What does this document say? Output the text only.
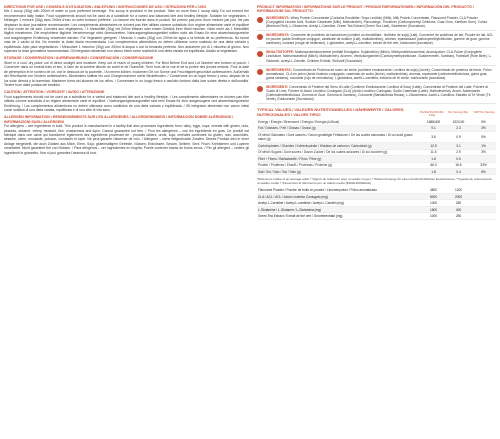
DIRECTIONS FOR USE / CONSEILS D'UTILISATION / ANLEITUNG / INSTRUCCIONES DE USO / ISTRUZIONI PER L'USO
Mix 1 scoop (30g) with 200ml of water or your preferred beverage. The scoop is provided in the product. Take no more than 1 scoop daily. Do not exceed the recommended daily intake. Food supplements should not be used as a substitute for a varied and balanced diet and healthy lifestyle. Suitable for vegetarians. / Mélanger 1 mesure (30g) avec 200ml d'eau ou votre boisson préférée. La mesure est fournie dans le produit. Ne prenez pas plus d'une mesure par jour. Ne pas dépasser la dose journalière recommandée. Les compléments alimentaires ne doivent pas être utilisés comme substituts d'un régime alimentaire varié et équilibré et d'un mode de vie sain. Convient aux végétariens. / 1 Messlöffel (30g) mit 200ml Wasser oder einem Getränk Ihrer Wahl mischen. Nicht mehr als 1 Messlöffel täglich einnehmen. Die empfohlene tägliche Verzehrmenge nicht überschreiten. Nahrungsergänzungsmittel sollten nicht als Ersatz für eine abwechslungsreiche und ausgewogene Ernährung verwendet werden. Für Vegetarier geeignet. / Mezclar 1 cacito (30g) con 200ml de agua o la bebida de su preferencia. No tomar más de 1 cacito al día. No exceder la dosis diaria recomendada. Los complementos alimenticios no deben utilizarse como sustituto de una dieta variada y equilibrada. Apto para vegetarianos. / Mescolare 1 misurino (30g) con 200ml di acqua o con la bevanda preferita. Non assumere più di 1 misurino al giorno. Non superare la dose giornaliera raccomandata. Gli integratori alimentari non vanno intesi come sostituti di una dieta variata ed equilibrata. Adatto ai vegetariani.
STORAGE / CONSERVATION / AUFBEWAHRUNG / CONSERVACIÓN / CONSERVAZIONE
Store in a cool, dry place out of direct sunlight and moisture. Keep out of reach of young children. For Best Before End and Lot Number see bottom of pouch. / Conserver dans un endroit frais et sec, à l'abri de la lumière directe du soleil et de l'humidité. Tenir hors de la vue et de la portée des jeunes enfants. Pour la date de péremption et le numéro de lot, voir le dessous de la pochette. / An einem kühlen, trockenen Ort vor Sonne und Feuchtigkeit geschützt aufbewahren. Außerhalb der Reichweite von Kindern aufbewahren. Mindestens haltbar bis und Chargennummer siehe Beutelboden. / Consérvese en un lugar fresco y seco, alejado de la luz solar directa y la humedad. Mantener fuera del alcance de los niños. / Conservare in un luogo fresco e asciutto lontano dalla luce solare diretta e dall'umidità. Tenere fuori dalla portata dei bambini.
CAUTION / ATTENTION / VORSICHT / AVISO / ATTENZIONE
Food supplements should not be used as a substitute for a varied and balanced diet and a healthy lifestyle. / Les compléments alimentaires ne doivent pas être utilisés comme substituts d'un régime alimentaire varié et équilibré. / Nahrungsergänzungsmittel sind kein Ersatz für eine ausgewogene und abwechslungsreiche Ernährung. / Los complementos alimenticios no deben utilizarse como sustitutos de una dieta variada y equilibrada. / Gli integratori alimentari non vanno intesi come sostituti di una dieta variata, equilibrata e di uno stile di vita sano.
ALLERGEN INFORMATION / RENSEIGNEMENTS SUR LES ALLERGÈNES / ALLERGIEHINWEIS / INFORMACIÓN SOBRE ALÉRGENOS / INFORMAZIONI SUGLI ALLERGENI
For allergens – see ingredients in bold. This product is manufactured in a facility that also processes ingredients from: dairy, eggs, soya, cereals with gluten, nuts, peanuts, sesame, celery, mustard, fish, crustaceans and lupin. Cannot guarantee nut free. / Pour les allergènes – voir les ingrédients en gras. Ce produit est fabriqué dans une usine qui transforme également des ingrédients provenant de : produits laitiers, œufs, soja, céréales contenant du gluten, noix, arachides, sésame, céleri, moutarde, poisson, crustacés et lupin. Ne peut garantir l'absence de noix. / Allergene – siehe fettgedruckte Zutaten. Dieses Produkt wird in einer Anlage hergestellt, die auch Zutaten aus Milch, Eiern, Soja, glutenhaltigem Getreide, Nüssen, Erdnüssen, Sesam, Sellerie, Senf, Fisch, Krebstieren und Lupinen verarbeitet. Nicht garantiert frei von Nüssen. / Para alérgenos – ver ingredientes en negrita. Puede contener trazas de frutos secos. / Per gli allergeni – vedere gli ingredienti in grassetto. Non si può garantire l'assenza di noci.
PRODUCT INFORMATION / INFORMATIONS SUR LE PRODUIT / PRODUKTINFORMATIONEN / INFORMACIÓN DEL PRODUCTO / INFORMAZIONI SUL PRODOTTO
INGREDIENTS: Whey Protein Concentrate (Contains Emulsifier: Soya Lecithin) (Milk), Milk Protein Concentrate, Flavoured Powder, CLA Powder (Conjugated Linoleic Acid, Sodium Caseinate (Milk), Maltodextrin), Flavourings, Thickener (Carboxymethyl Cellulose, Guar Gum, Xanthan Gum), Colour (Beetroot Red), L-Glutamine, Acetyl-L-Carnitine, Green Tea Extract (Green Tea Leaf), Sweetener (Sucralose).
INGRÉDIENTS: Concentré de protéines de lactosérum (contient un émulsifiant : lécithine de soja) (Lait), Concentré de protéines de lait, Poudre de lait, ACL en poudre (acide linoléique conjugué, caséinate de sodium (Lait), maltodextrine), arômes, épaississant (carboxyméthylcellulose, gomme de guar, gomme xanthane), colorant (rouge de betterave), L-glutamine, acétyl-L-carnitine, extrait de thé vert, édulcorant (sucralose).
INHALTSSTOFFE: Molkenproteinkonzentrat (enthält Emulgator: Sojalecithin) (Milch), Milchproteinkonzentrat, Aromapulver, CLA-Pulver (Konjugierte Linolsäure, Natriumcaseinat (Milch), Maltodextrin), Aromen, Verdickungsmittel (Carboxymethylcellulose, Guarkernmehl, Xanthan), Farbstoff (Rote Bete), L-Glutamin, Acetyl-L-Carnitin, Grüntee-Extrakt, Süßstoff (Sucralose).
INGREDIENTES: Concentrado de Proteína de suero de leche (contiene emulsionante: Lecitina de soja) (Leche), Concentrado de proteína de leche, Polvo aromatizado, CLA en polvo (ácido linoleico conjugado, caseinato de sodio (leche), maltodextrina), aromas, espesante (carboximetilcelulosa, goma guar, goma xantana), colorante (rojo de remolacha), L-glutamina, acetil-L-carnitina, extracto de té verde, edulcorante (sucralosa).
INGREDIENTI: Concentrato di Proteine del Siero di Latte (Contiene Emulsionante: Lecitina di Soia) (Latte), Concentrato di Proteine del Latte, Polvere al Gusto di Lime, Polvere di Acido Linoleico Coniugato (CLA) (Acido Linoleico Coniugato, Sodio Caseinato (Latte), Maltodestrina), Aromi, Addensante (Carbossimetilcellulosa, Gomma di Guar, Gomma di Xantano), Colorante (Barbabietola Rossa), L-Glutammina, Acetil-L-Carnitina, Estratto di Tè Verde (Tè Verde), Edulcorante (Sucralosio).
TYPICAL VALUES / VALEURS NUTRITIONNELLES / NÄHRWERTE / VALORES NUTRICIONALES / VALORI TIPICI
Per/Par/Pro/Por/Per 100g
Per Serving 30g	%RI* Per Serving
Energy / Énergie / Brennwert / Energía / Energia (kJ/kcal)	1688/400	422/100	5%
Fat / Graisses / Fett / Grasas / Grassi (g)	9.1	2.3	3%
Of which Saturates / Dont saturés / Davon gesättigte Fettsäuren / De las cuales saturadas / Di cui acidi grassi saturi (g)	3.6	0.9	5%
Carbohydrates / Glucides / Kohlenhydrate / Hidratos de carbono / Carboidrati (g)	12.5	3.1	1%
Of which Sugars / Dont sucres / Davon Zucker / De los cuales azúcares / Di cui zuccheri (g)	11.5	2.9	3%
Fibre / Fibres / Ballaststoffe / Fibra / Fibre (g)	1.8	0.5	
Protein / Protéines / Eiweiß / Proteínas / Proteine (g)	66.3	16.6	33%
Salt / Sel / Salz / Sal / Sale (g)	1.8	0.4	8%
*Reference intake of an average adult / *Apport de référence pour un adulte moyen / *Referenzmenge für einen durchschnittlichen Erwachsenen / *Ingesta de referencia de un adulto medio / *Assunzioni di riferimento per un adulto medio (8400kJ/2000kcal)
Flavoured Powder / Poudre de fruits en poudre / Limonenpulver / Polvo aromatizado	4800	1200	
CLA / ACL / ACL / Acido Linoleico Coniugato (mg)	8000	2000	
Acetyl-L-Carnitine / Acétyl-L-carnitine / Acetyl-L-Carnitin (mg)	1000	250	
L-Glutamine / L-Glutamin / L-Glutamina (mg)	1600	400	
Green Tea Extract / Extrait de thé vert / Grünteeextrakt (mg)	1000	250	
